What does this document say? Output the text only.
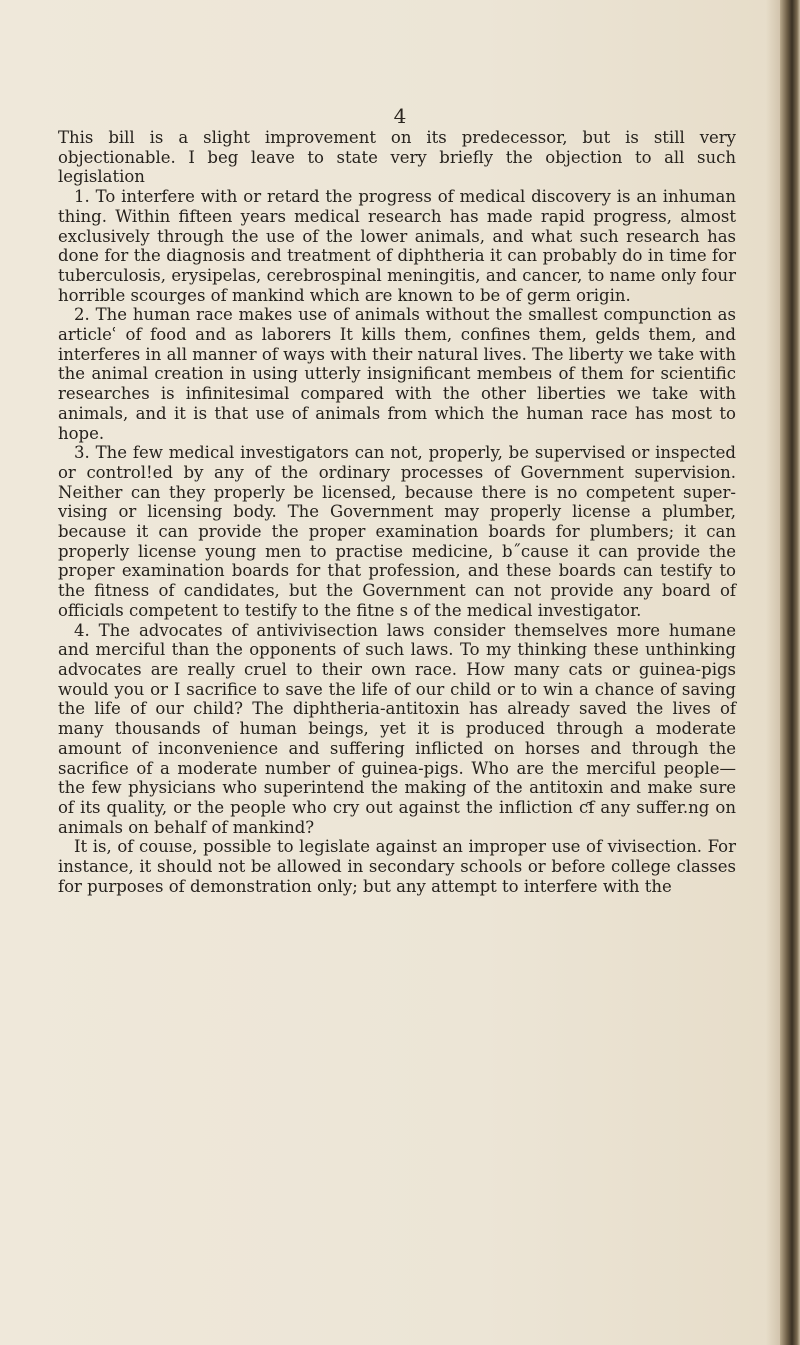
4

This bill is a slight improvement on its predecessor, but is still very objectionable. I beg leave to state very briefly the objection to all such legislation

1. To interfere with or retard the progress of medical discovery is an inhuman thing. Within fifteen years medical research has made rapid progress, almost exclusively through the use of the lower animals, and what such research has done for the diagnosis and treatment of diphtheria it can probably do in time for tuberculosis, erysipelas, cerebrospinal meningitis, and cancer, to name only four horrible scourges of mankind which are known to be of germ origin.

2. The human race makes use of animals without the smallest compunction as articleʿ of food and as laborers It kills them, confines them, gelds them, and interferes in all manner of ways with their natural lives. The liberty we take with the animal creation in using utterly insiɡnificant membeıs of them for scientific researches is infinitesimal compared with the other liberties we take with animals, and it is that use of animals from which the human race has most to hope.

3. The few medical investigators can not, properly, be supervised or inspected or control!ed by any of the ordinary processes of Government supervision. Neither can they properly be licensed, because there is no competent supervising or licensing body. The Government may properly license a plumber, because it can provide the proper examination boards for plumbers; it can properly license young men to practise medicine, b˝cause it can provide the proper examination boards for that profession, and these boards can testify to the fitness of candidates, but the Government can not provide any board of officiɑls competent to testify to the fitne s of the medical investigator.

4. The advocates of antivivisection laws consider themselves more humane and merciful than the opponents of such laws. To my thinking these unthinking advocates are really cruel to their own race. How many cats or guinea-pigs would you or I sacrifice to save the life of our child or to win a chance of saving the life of our child? The diphtheria-antitoxin has already saved the lives of many thousands of human beings, yet it is produced through a moderate amount of inconvenience and suffering inflicted on horses and through the sacrifice of a moderate number of guinea-pigs. Who are the merciful people—the few physicians who superintend the making of the antitoxin and make sure of its quality, or the people who cry out against the infliction ƈf any suffer.ng on animals on behalf of mankind?

It is, of couıse, possible to legislate against an improper use of vivisection. For instance, it should not be allowed in secondary schools or before college classes for purposes of demonstration only; but any attempt to interfere with the
